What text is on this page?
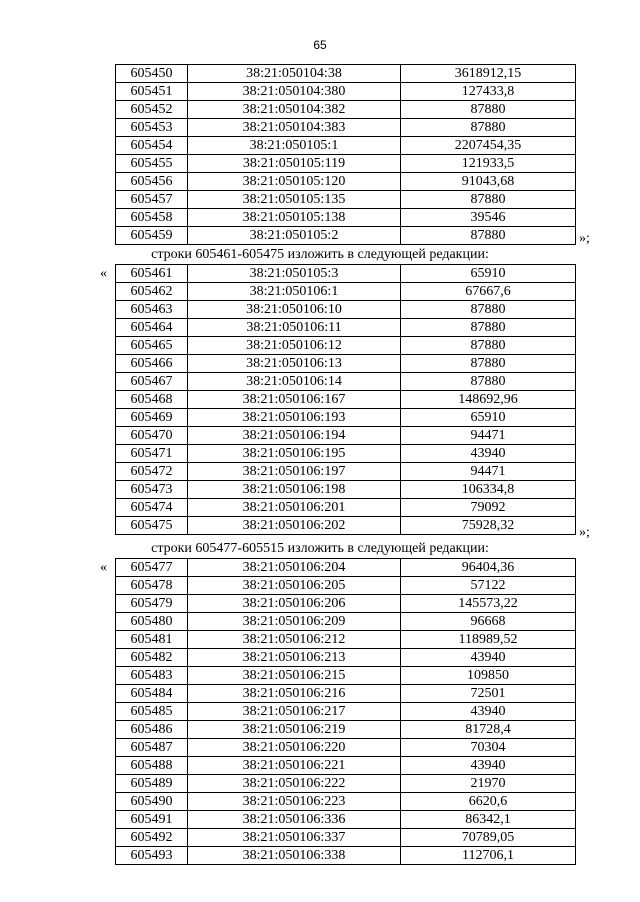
65
605450	38:21:050104:38	3618912,15
605451	38:21:050104:380	127433,8
605452	38:21:050104:382	87880
605453	38:21:050104:383	87880
605454	38:21:050105:1	2207454,35
605455	38:21:050105:119	121933,5
605456	38:21:050105:120	91043,68
605457	38:21:050105:135	87880
605458	38:21:050105:138	39546
605459	38:21:050105:2	87880	»;
строки 605461-605475 изложить в следующей редакции:
« 605461	38:21:050105:3	65910
605462	38:21:050106:1	67667,6
605463	38:21:050106:10	87880
605464	38:21:050106:11	87880
605465	38:21:050106:12	87880
605466	38:21:050106:13	87880
605467	38:21:050106:14	87880
605468	38:21:050106:167	148692,96
605469	38:21:050106:193	65910
605470	38:21:050106:194	94471
605471	38:21:050106:195	43940
605472	38:21:050106:197	94471
605473	38:21:050106:198	106334,8
605474	38:21:050106:201	79092
605475	38:21:050106:202	75928,32	»;
строки 605477-605515 изложить в следующей редакции:
« 605477	38:21:050106:204	96404,36
605478	38:21:050106:205	57122
605479	38:21:050106:206	145573,22
605480	38:21:050106:209	96668
605481	38:21:050106:212	118989,52
605482	38:21:050106:213	43940
605483	38:21:050106:215	109850
605484	38:21:050106:216	72501
605485	38:21:050106:217	43940
605486	38:21:050106:219	81728,4
605487	38:21:050106:220	70304
605488	38:21:050106:221	43940
605489	38:21:050106:222	21970
605490	38:21:050106:223	6620,6
605491	38:21:050106:336	86342,1
605492	38:21:050106:337	70789,05
605493	38:21:050106:338	112706,1
